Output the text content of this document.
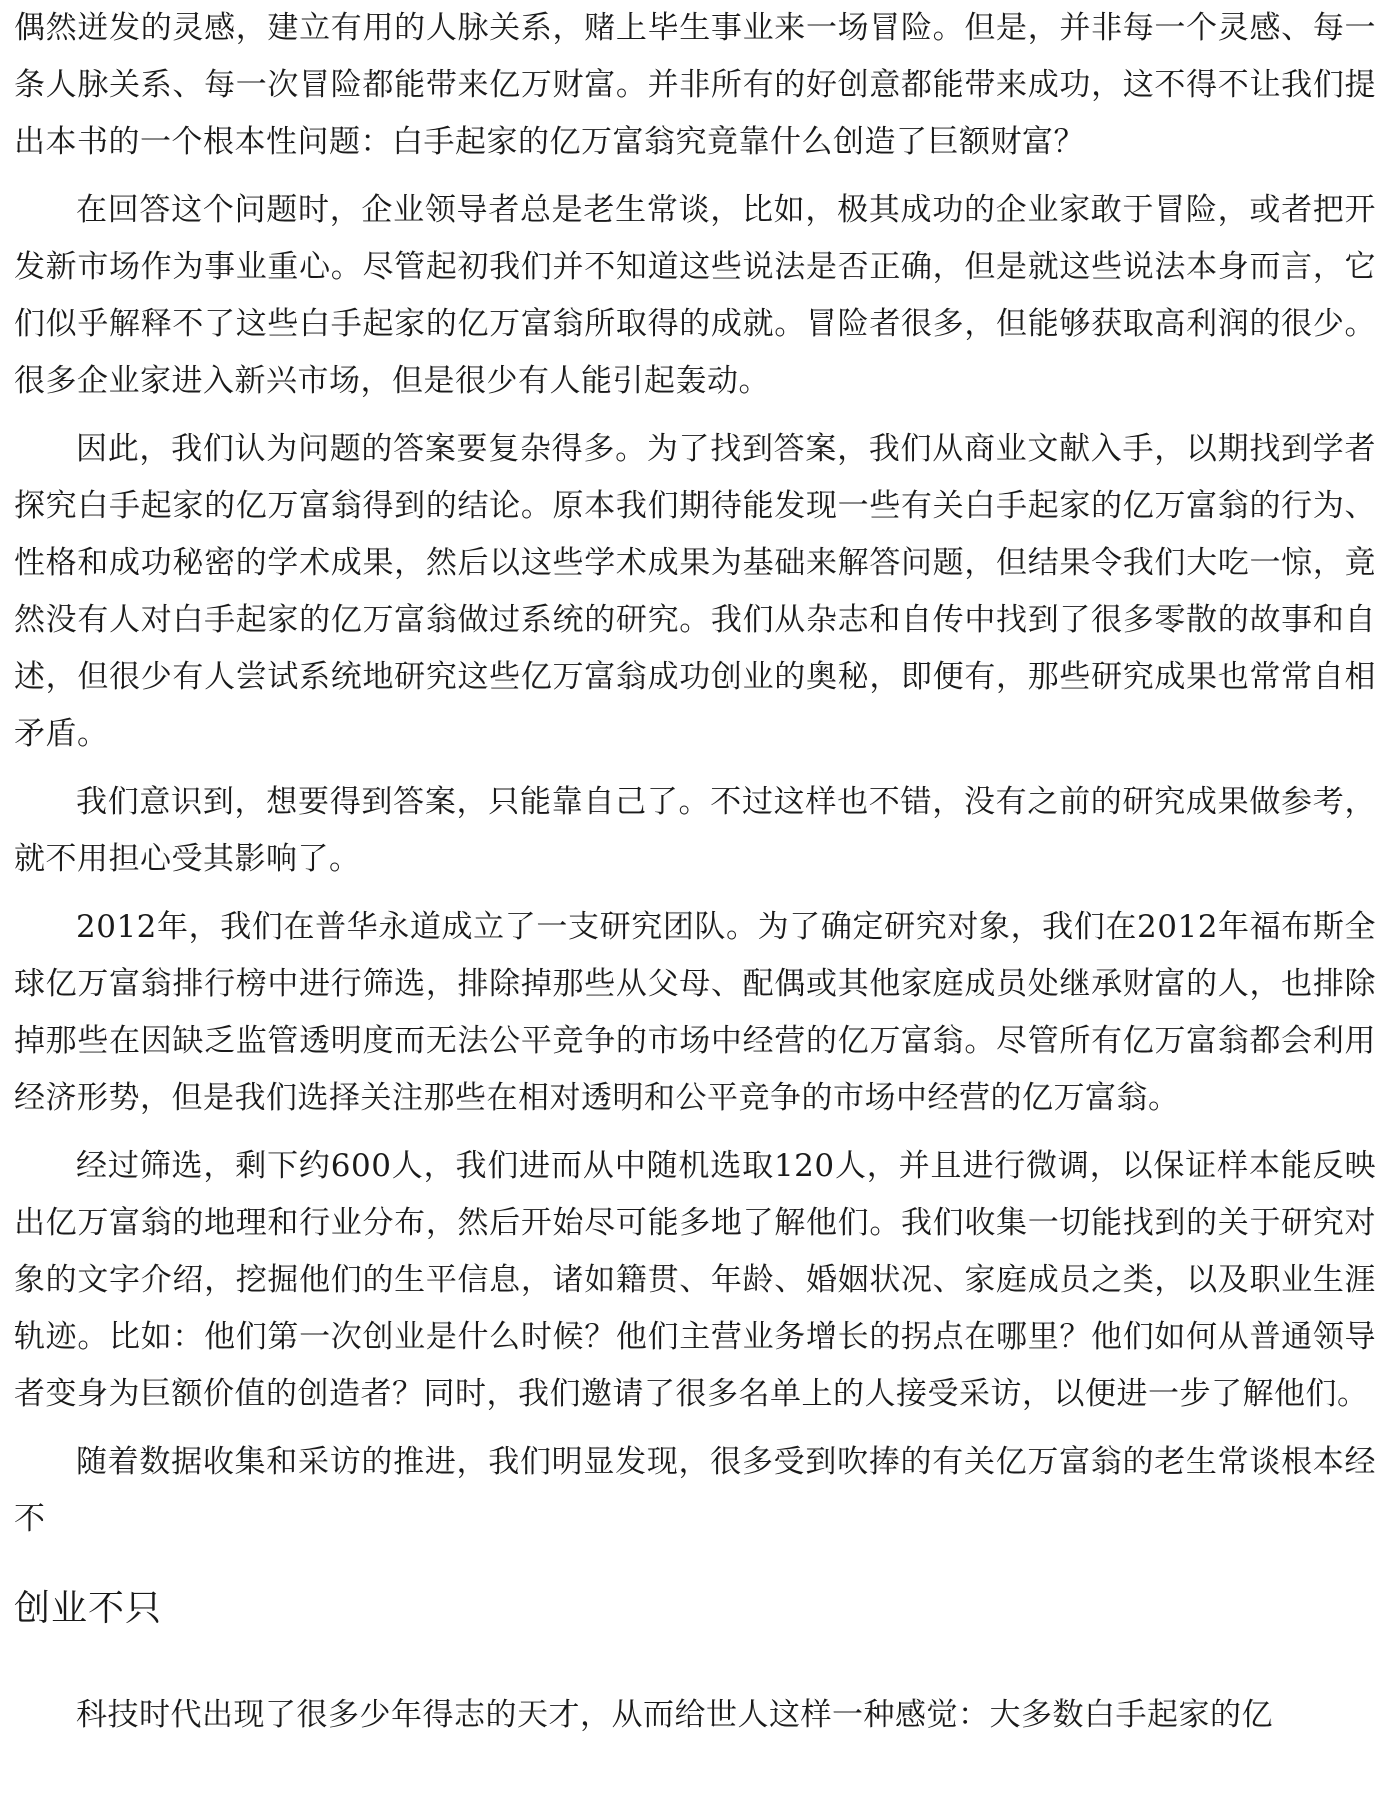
偶然迸发的灵感，建立有用的人脉关系，赌上毕生事业来一场冒险。但是，并非每一个灵感、每一条人脉关系、每一次冒险都能带来亿万财富。并非所有的好创意都能带来成功，这不得不让我们提出本书的一个根本性问题：白手起家的亿万富翁究竟靠什么创造了巨额财富？

在回答这个问题时，企业领导者总是老生常谈，比如，极其成功的企业家敢于冒险，或者把开发新市场作为事业重心。尽管起初我们并不知道这些说法是否正确，但是就这些说法本身而言，它们似乎解释不了这些白手起家的亿万富翁所取得的成就。冒险者很多，但能够获取高利润的很少。很多企业家进入新兴市场，但是很少有人能引起轰动。

因此，我们认为问题的答案要复杂得多。为了找到答案，我们从商业文献入手，以期找到学者探究白手起家的亿万富翁得到的结论。原本我们期待能发现一些有关白手起家的亿万富翁的行为、性格和成功秘密的学术成果，然后以这些学术成果为基础来解答问题，但结果令我们大吃一惊，竟然没有人对白手起家的亿万富翁做过系统的研究。我们从杂志和自传中找到了很多零散的故事和自述，但很少有人尝试系统地研究这些亿万富翁成功创业的奥秘，即便有，那些研究成果也常常自相矛盾。

我们意识到，想要得到答案，只能靠自己了。不过这样也不错，没有之前的研究成果做参考，就不用担心受其影响了。

2012年，我们在普华永道成立了一支研究团队。为了确定研究对象，我们在2012年福布斯全球亿万富翁排行榜中进行筛选，排除掉那些从父母、配偶或其他家庭成员处继承财富的人，也排除掉那些在因缺乏监管透明度而无法公平竞争的市场中经营的亿万富翁。尽管所有亿万富翁都会利用经济形势，但是我们选择关注那些在相对透明和公平竞争的市场中经营的亿万富翁。

经过筛选，剩下约600人，我们进而从中随机选取120人，并且进行微调，以保证样本能反映出亿万富翁的地理和行业分布，然后开始尽可能多地了解他们。我们收集一切能找到的关于研究对象的文字介绍，挖掘他们的生平信息，诸如籍贯、年龄、婚姻状况、家庭成员之类，以及职业生涯轨迹。比如：他们第一次创业是什么时候？他们主营业务增长的拐点在哪里？他们如何从普通领导者变身为巨额价值的创造者？同时，我们邀请了很多名单上的人接受采访，以便进一步了解他们。

随着数据收集和采访的推进，我们明显发现，很多受到吹捧的有关亿万富翁的老生常谈根本经不

创业不只

科技时代出现了很多少年得志的天才，从而给世人这样一种感觉：大多数白手起家的亿
